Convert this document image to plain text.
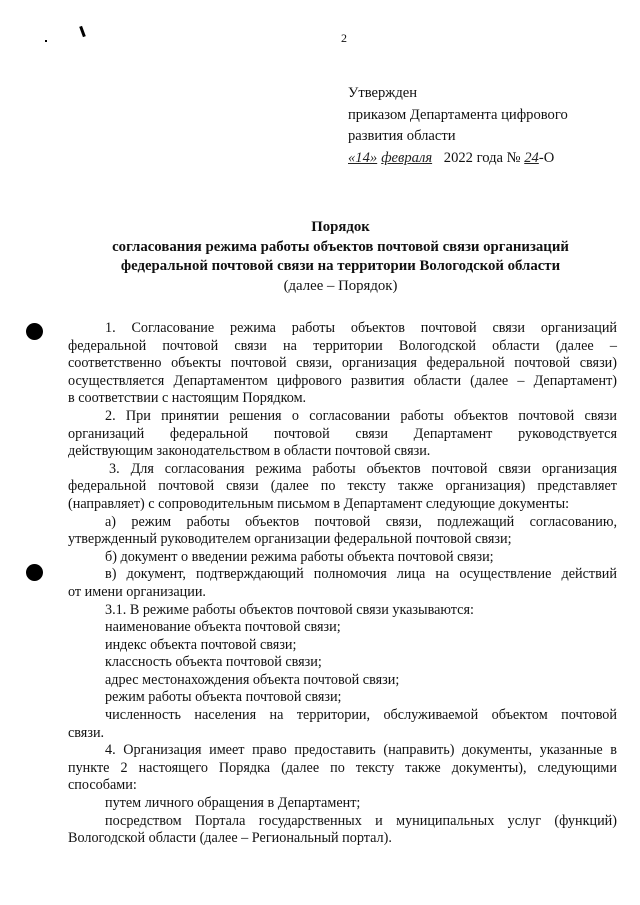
2
Утвержден
приказом Департамента цифрового
развития области
«14» февраля 2022 года № 24-О
Порядок
согласования режима работы объектов почтовой связи организаций
федеральной почтовой связи на территории Вологодской области
(далее – Порядок)
1. Согласование режима работы объектов почтовой связи организаций
федеральной почтовой связи на территории Вологодской области (далее –
соответственно объекты почтовой связи, организация федеральной почтовой связи)
осуществляется Департаментом цифрового развития области (далее – Департамент)
в соответствии с настоящим Порядком.
2. При принятии решения о согласовании работы объектов почтовой связи
организаций федеральной почтовой связи Департамент руководствуется
действующим законодательством в области почтовой связи.
3. Для согласования режима работы объектов почтовой связи организация
федеральной почтовой связи (далее по тексту также организация) представляет
(направляет) с сопроводительным письмом в Департамент следующие документы:
а) режим работы объектов почтовой связи, подлежащий согласованию,
утвержденный руководителем организации федеральной почтовой связи;
б) документ о введении режима работы объекта почтовой связи;
в) документ, подтверждающий полномочия лица на осуществление действий
от имени организации.
3.1. В режиме работы объектов почтовой связи указываются:
наименование объекта почтовой связи;
индекс объекта почтовой связи;
классность объекта почтовой связи;
адрес местонахождения объекта почтовой связи;
режим работы объекта почтовой связи;
численность населения на территории, обслуживаемой объектом почтовой
связи.
4. Организация имеет право предоставить (направить) документы, указанные в
пункте 2 настоящего Порядка (далее по тексту также документы), следующими
способами:
путем личного обращения в Департамент;
посредством Портала государственных и муниципальных услуг (функций)
Вологодской области (далее – Региональный портал).
